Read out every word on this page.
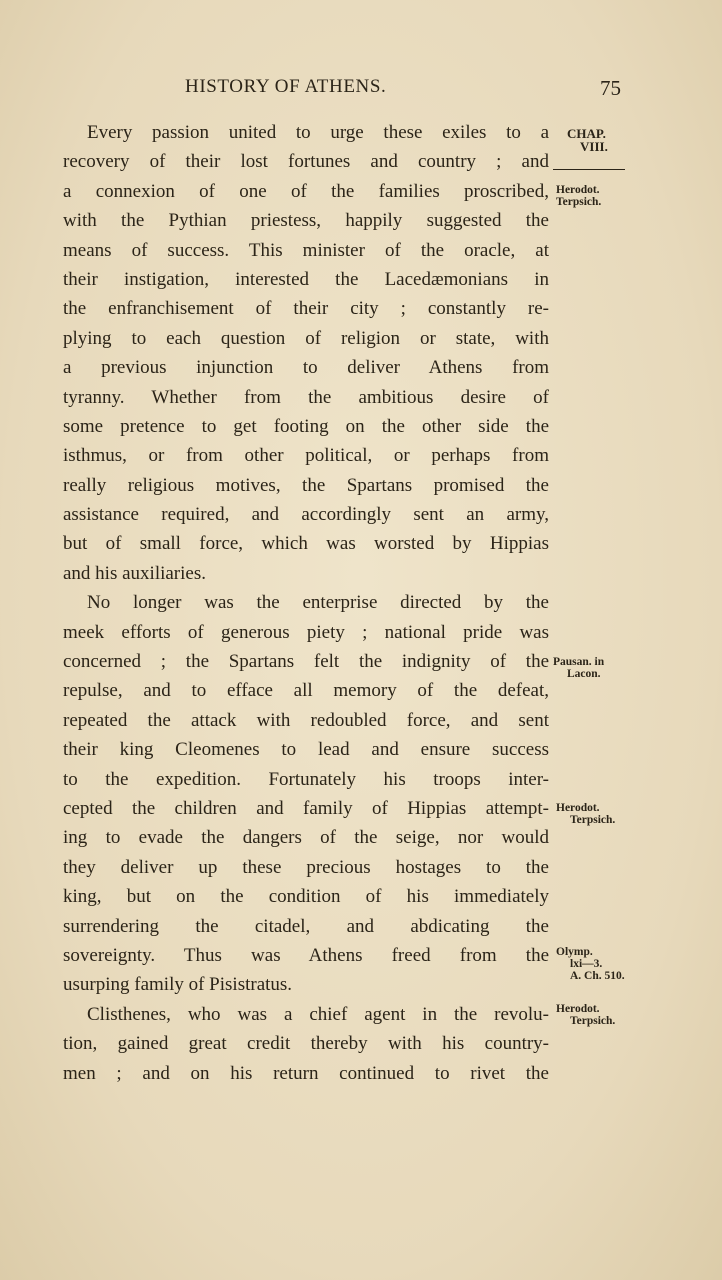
HISTORY OF ATHENS.	75
Every passion united to urge these exiles to a
recovery of their lost fortunes and country ; and
a connexion of one of the families proscribed,
with the Pythian priestess, happily suggested the
means of success. This minister of the oracle, at
their instigation, interested the Lacedæmonians in
the enfranchisement of their city ; constantly re-
plying to each question of religion or state, with
a previous injunction to deliver Athens from
tyranny. Whether from the ambitious desire of
some pretence to get footing on the other side the
isthmus, or from other political, or perhaps from
really religious motives, the Spartans promised the
assistance required, and accordingly sent an army,
but of small force, which was worsted by Hippias
and his auxiliaries.
No longer was the enterprise directed by the
meek efforts of generous piety ; national pride was
concerned ; the Spartans felt the indignity of the
repulse, and to efface all memory of the defeat,
repeated the attack with redoubled force, and sent
their king Cleomenes to lead and ensure success
to the expedition. Fortunately his troops inter-
cepted the children and family of Hippias attempt-
ing to evade the dangers of the seige, nor would
they deliver up these precious hostages to the
king, but on the condition of his immediately
surrendering the citadel, and abdicating the
sovereignty. Thus was Athens freed from the
usurping family of Pisistratus.
Clisthenes, who was a chief agent in the revolu-
tion, gained great credit thereby with his country-
men ; and on his return continued to rivet the
CHAP.
VIII.
Herodot.
Terpsich.
Pausan. in
Lacon.
Herodot.
Terpsich.
Olymp.
lxi—3.
A. Ch. 510.
Herodot.
Terpsich.
